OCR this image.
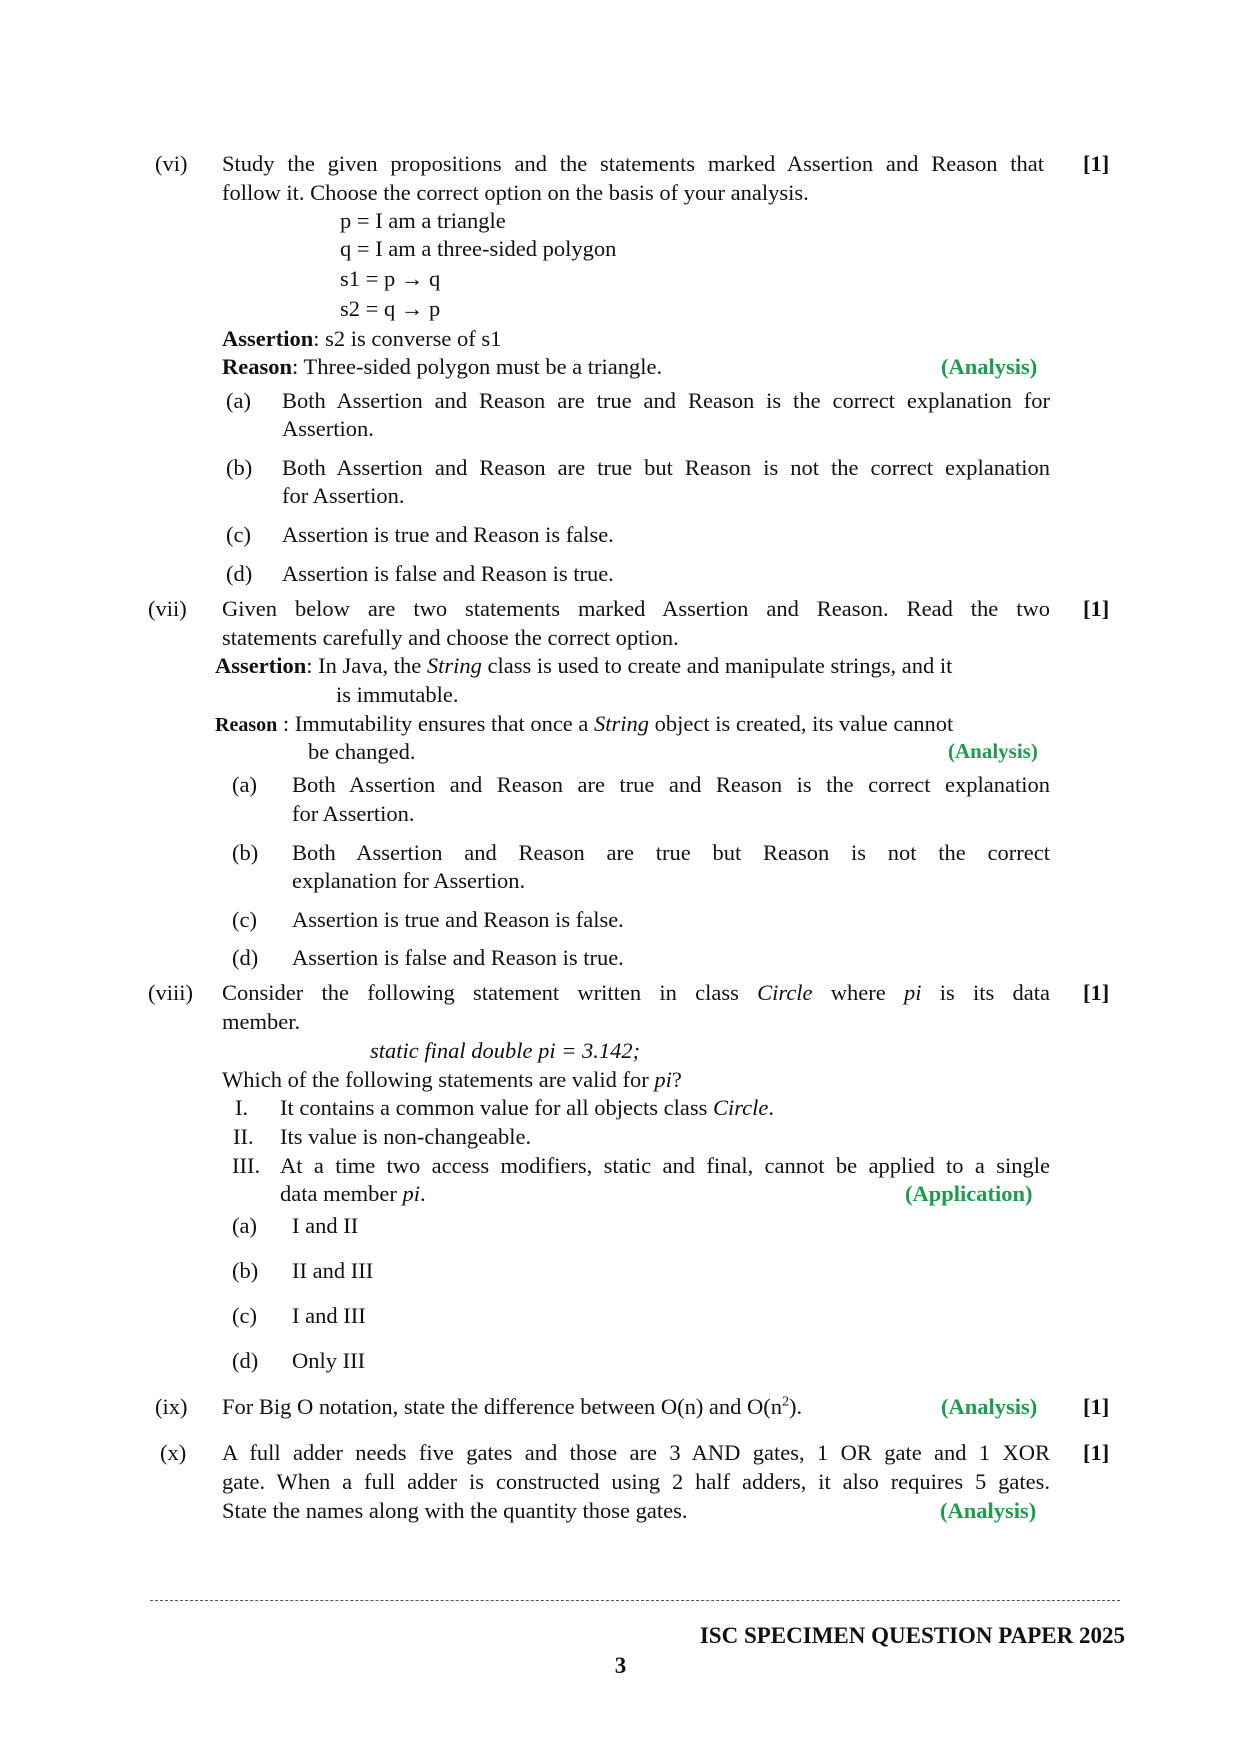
(vi) Study the given propositions and the statements marked Assertion and Reason that [1]
follow it. Choose the correct option on the basis of your analysis.
p = I am a triangle
q = I am a three-sided polygon
s1 = p → q
s2 = q → p
Assertion: s2 is converse of s1
Reason: Three-sided polygon must be a triangle.	(Analysis)
(a) Both Assertion and Reason are true and Reason is the correct explanation for
Assertion.
(b) Both Assertion and Reason are true but Reason is not the correct explanation
for Assertion.
(c) Assertion is true and Reason is false.
(d) Assertion is false and Reason is true.
(vii) Given below are two statements marked Assertion and Reason. Read the two [1]
statements carefully and choose the correct option.
Assertion: In Java, the String class is used to create and manipulate strings, and it
is immutable.
Reason : Immutability ensures that once a String object is created, its value cannot
be changed.	(Analysis)
(a) Both Assertion and Reason are true and Reason is the correct explanation
for Assertion.
(b) Both Assertion and Reason are true but Reason is not the correct
explanation for Assertion.
(c) Assertion is true and Reason is false.
(d) Assertion is false and Reason is true.
(viii) Consider the following statement written in class Circle where pi is its data [1]
member.
static final double pi = 3.142;
Which of the following statements are valid for pi?
I. It contains a common value for all objects class Circle.
II. Its value is non-changeable.
III. At a time two access modifiers, static and final, cannot be applied to a single
data member pi.	(Application)
(a) I and II
(b) II and III
(c) I and III
(d) Only III
(ix) For Big O notation, state the difference between O(n) and $O(n^2)$.	(Analysis) [1]
(x) A full adder needs five gates and those are 3 AND gates, 1 OR gate and 1 XOR [1]
gate. When a full adder is constructed using 2 half adders, it also requires 5 gates.
State the names along with the quantity those gates.	(Analysis)
ISC SPECIMEN QUESTION PAPER 2025
3
